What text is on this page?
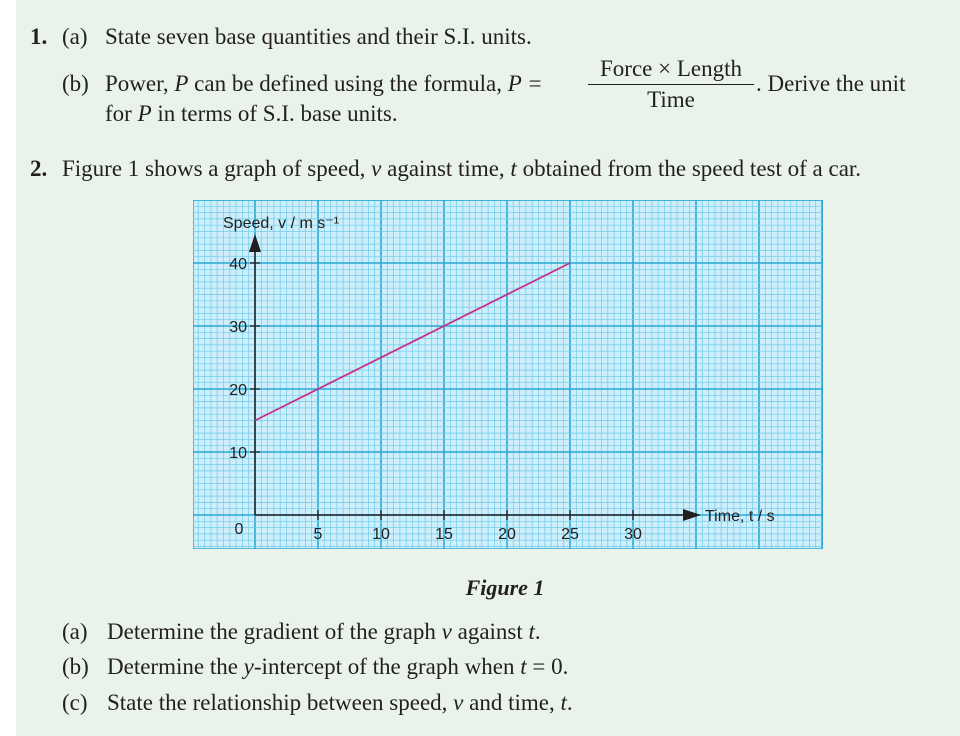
1. (a) State seven base quantities and their S.I. units.
(b) Power, P can be defined using the formula, P =
Force × Length
Time
. Derive the unit
for P in terms of S.I. base units.
2. Figure 1 shows a graph of speed, v against time, t obtained from the speed test of a car.
10
20
30
40
5	10	15	20	25	30
0
Speed, v / m s⁻¹
Time, t / s
Figure 1
(a) Determine the gradient of the graph v against t.
(b) Determine the y-intercept of the graph when t = 0.
(c) State the relationship between speed, v and time, t.
